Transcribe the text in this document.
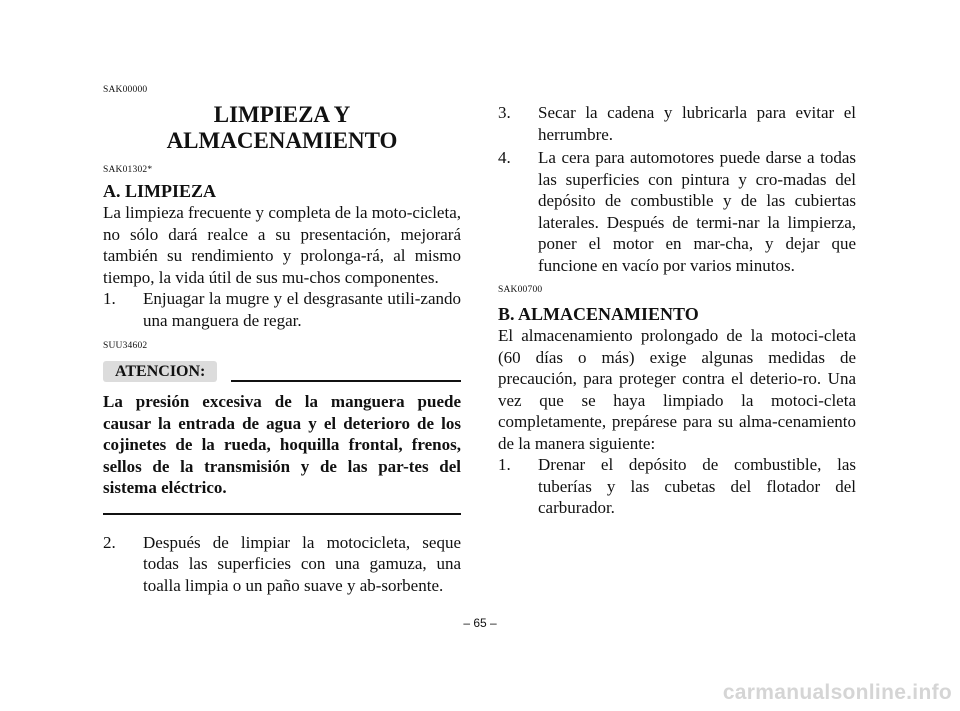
SAK00000
LIMPIEZA Y
ALMACENAMIENTO
SAK01302*
A. LIMPIEZA

La limpieza frecuente y completa de la moto-cicleta, no sólo dará realce a su presentación, mejorará también su rendimiento y prolonga-rá, al mismo tiempo, la vida útil de sus mu-chos componentes.

1. Enjuagar la mugre y el desgrasante utili-zando una manguera de regar.
SUU34602
ATENCION:

La presión excesiva de la manguera puede causar la entrada de agua y el deterioro de los cojinetes de la rueda, hoquilla frontal, frenos, sellos de la transmisión y de las par-tes del sistema eléctrico.

2. Después de limpiar la motocicleta, seque todas las superficies con una gamuza, una toalla limpia o un paño suave y ab-sorbente.
3. Secar la cadena y lubricarla para evitar el herrumbre.
4. La cera para automotores puede darse a todas las superficies con pintura y cro-madas del depósito de combustible y de las cubiertas laterales. Después de termi-nar la limpierza, poner el motor en mar-cha, y dejar que funcione en vacío por varios minutos.
SAK00700
B. ALMACENAMIENTO

El almacenamiento prolongado de la motoci-cleta (60 días o más) exige algunas medidas de precaución, para proteger contra el deterio-ro. Una vez que se haya limpiado la motoci-cleta completamente, prepárese para su alma-cenamiento de la manera siguiente:

1. Drenar el depósito de combustible, las tuberías y las cubetas del flotador del carburador.
– 65 –
carmanualsonline.info
